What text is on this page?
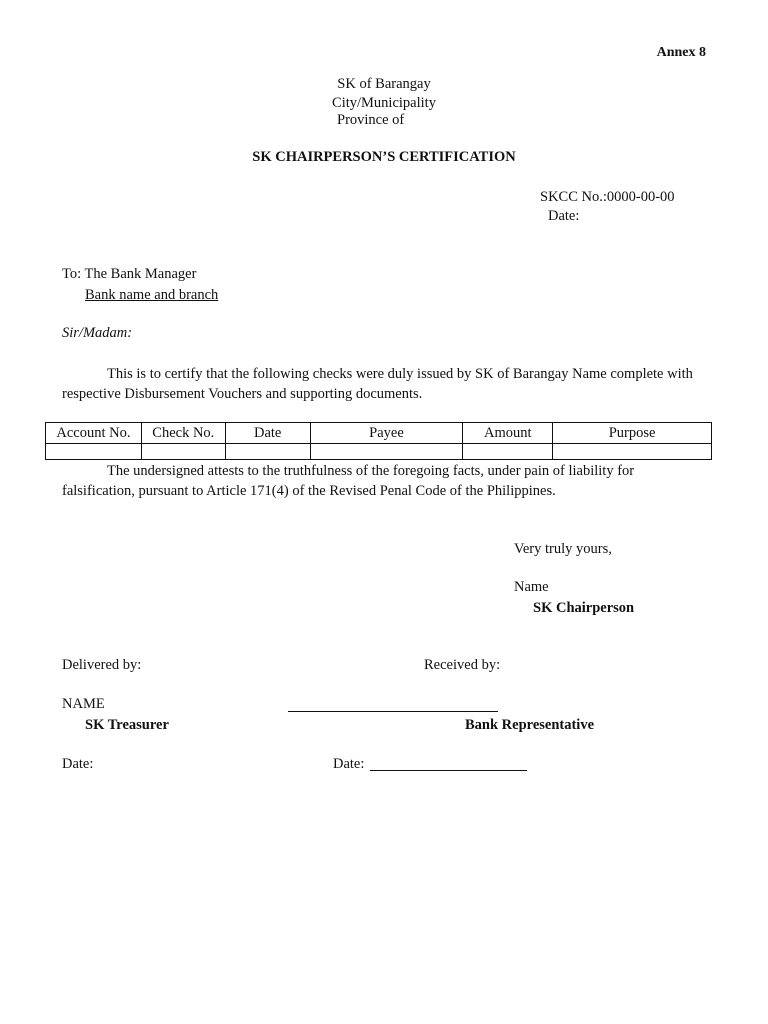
Annex 8
SK of Barangay
City/Municipality
Province of
SK CHAIRPERSON’S CERTIFICATION
SKCC No.:0000-00-00
Date:
To: The Bank Manager
Bank name and branch
Sir/Madam:
This is to certify that the following checks were duly issued by SK of Barangay Name complete with respective Disbursement Vouchers and supporting documents.
Account No.	Check No.	Date	Payee	Amount	Purpose

The undersigned attests to the truthfulness of the foregoing facts, under pain of liability for falsification, pursuant to Article 171(4) of the Revised Penal Code of the Philippines.
Very truly yours,
Name
SK Chairperson
Delivered by:	Received by:
NAME
SK Treasurer	Bank Representative
Date:	Date:
